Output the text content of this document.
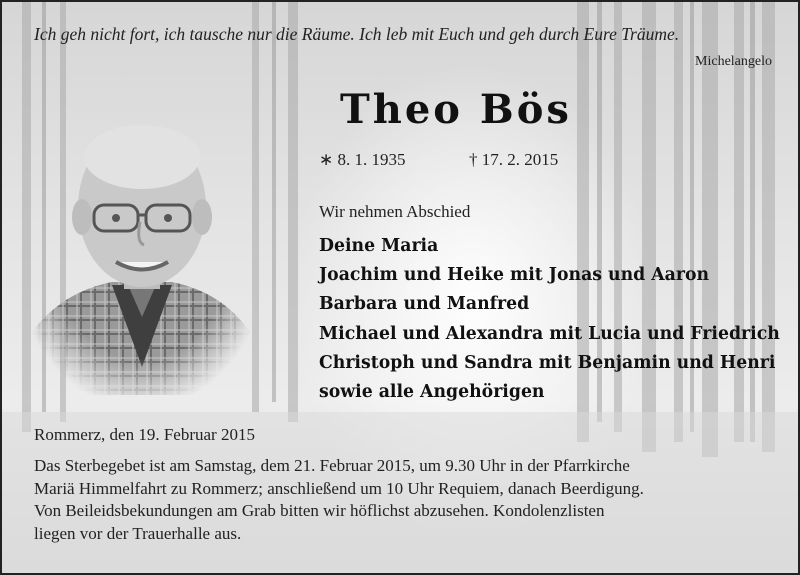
Ich geh nicht fort, ich tausche nur die Räume. Ich leb mit Euch und geh durch Eure Träume.
Michelangelo
Theo Bös
∗ 8. 1. 1935	† 17. 2. 2015
Wir nehmen Abschied
Deine Maria
Joachim und Heike mit Jonas und Aaron
Barbara und Manfred
Michael und Alexandra mit Lucia und Friedrich
Christoph und Sandra mit Benjamin und Henri
sowie alle Angehörigen
Rommerz, den 19. Februar 2015
Das Sterbegebet ist am Samstag, dem 21. Februar 2015, um 9.30 Uhr in der Pfarrkirche
Mariä Himmelfahrt zu Rommerz; anschließend um 10 Uhr Requiem, danach Beerdigung.
Von Beileidsbekundungen am Grab bitten wir höflichst abzusehen. Kondolenzlisten
liegen vor der Trauerhalle aus.
